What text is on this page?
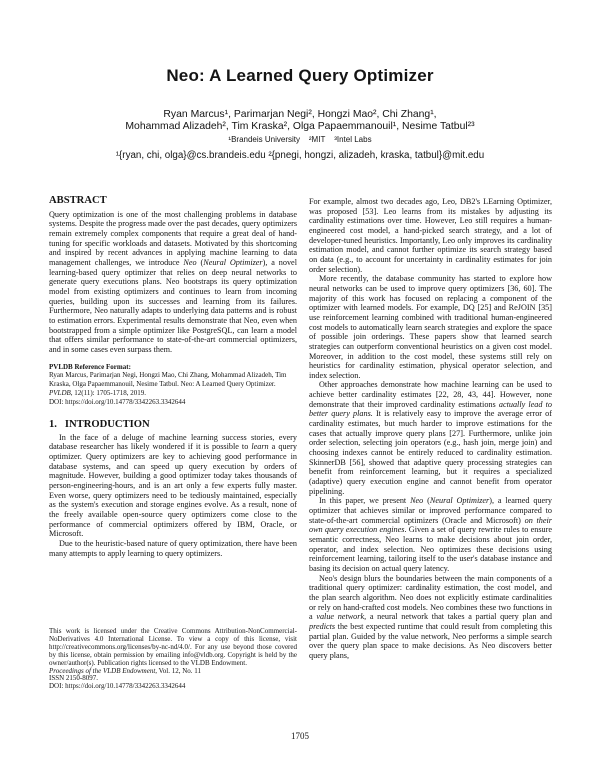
Neo: A Learned Query Optimizer
Ryan Marcus¹, Parimarjan Negi², Hongzi Mao², Chi Zhang¹,
Mohammad Alizadeh², Tim Kraska², Olga Papaemmanouil¹, Nesime Tatbul²³
¹Brandeis University    ²MIT    ³Intel Labs
¹{ryan, chi, olga}@cs.brandeis.edu ²{pnegi, hongzi, alizadeh, kraska, tatbul}@mit.edu
ABSTRACT

Query optimization is one of the most challenging problems in database systems. Despite the progress made over the past decades, query optimizers remain extremely complex components that require a great deal of hand-tuning for specific workloads and datasets. Motivated by this shortcoming and inspired by recent advances in applying machine learning to data management challenges, we introduce Neo (Neural Optimizer), a novel learning-based query optimizer that relies on deep neural networks to generate query executions plans. Neo bootstraps its query optimization model from existing optimizers and continues to learn from incoming queries, building upon its successes and learning from its failures. Furthermore, Neo naturally adapts to underlying data patterns and is robust to estimation errors. Experimental results demonstrate that Neo, even when bootstrapped from a simple optimizer like PostgreSQL, can learn a model that offers similar performance to state-of-the-art commercial optimizers, and in some cases even surpass them.

PVLDB Reference Format:
Ryan Marcus, Parimarjan Negi, Hongzi Mao, Chi Zhang, Mohammad Alizadeh, Tim Kraska, Olga Papaemmanouil, Nesime Tatbul. Neo: A Learned Query Optimizer. PVLDB, 12(11): 1705-1718, 2019.
DOI: https://doi.org/10.14778/3342263.3342644
1.   INTRODUCTION

In the face of a deluge of machine learning success stories, every database researcher has likely wondered if it is possible to learn a query optimizer. Query optimizers are key to achieving good performance in database systems, and can speed up query execution by orders of magnitude. However, building a good optimizer today takes thousands of person-engineering-hours, and is an art only a few experts fully master. Even worse, query optimizers need to be tediously maintained, especially as the system's execution and storage engines evolve. As a result, none of the freely available open-source query optimizers come close to the performance of commercial optimizers offered by IBM, Oracle, or Microsoft.

Due to the heuristic-based nature of query optimization, there have been many attempts to apply learning to query optimizers.

For example, almost two decades ago, Leo, DB2's LEarning Optimizer, was proposed [53]. Leo learns from its mistakes by adjusting its cardinality estimations over time. However, Leo still requires a human-engineered cost model, a hand-picked search strategy, and a lot of developer-tuned heuristics. Importantly, Leo only improves its cardinality estimation model, and cannot further optimize its search strategy based on data (e.g., to account for uncertainty in cardinality estimates for join order selection).

More recently, the database community has started to explore how neural networks can be used to improve query optimizers [36, 60]. The majority of this work has focused on replacing a component of the optimizer with learned models. For example, DQ [25] and ReJOIN [35] use reinforcement learning combined with traditional human-engineered cost models to automatically learn search strategies and explore the space of possible join orderings. These papers show that learned search strategies can outperform conventional heuristics on a given cost model. Moreover, in addition to the cost model, these systems still rely on heuristics for cardinality estimation, physical operator selection, and index selection.

Other approaches demonstrate how machine learning can be used to achieve better cardinality estimates [22, 28, 43, 44]. However, none demonstrate that their improved cardinality estimations actually lead to better query plans. It is relatively easy to improve the average error of cardinality estimates, but much harder to improve estimations for the cases that actually improve query plans [27]. Furthermore, unlike join order selection, selecting join operators (e.g., hash join, merge join) and choosing indexes cannot be entirely reduced to cardinality estimation. SkinnerDB [56], showed that adaptive query processing strategies can benefit from reinforcement learning, but it requires a specialized (adaptive) query execution engine and cannot benefit from operator pipelining.

In this paper, we present Neo (Neural Optimizer), a learned query optimizer that achieves similar or improved performance compared to state-of-the-art commercial optimizers (Oracle and Microsoft) on their own query execution engines. Given a set of query rewrite rules to ensure semantic correctness, Neo learns to make decisions about join order, operator, and index selection. Neo optimizes these decisions using reinforcement learning, tailoring itself to the user's database instance and basing its decision on actual query latency.

Neo's design blurs the boundaries between the main components of a traditional query optimizer: cardinality estimation, the cost model, and the plan search algorithm. Neo does not explicitly estimate cardinalities or rely on hand-crafted cost models. Neo combines these two functions in a value network, a neural network that takes a partial query plan and predicts the best expected runtime that could result from completing this partial plan. Guided by the value network, Neo performs a simple search over the query plan space to make decisions. As Neo discovers better query plans,

This work is licensed under the Creative Commons Attribution-NonCommercial-NoDerivatives 4.0 International License. To view a copy of this license, visit http://creativecommons.org/licenses/by-nc-nd/4.0/. For any use beyond those covered by this license, obtain permission by emailing info@vldb.org. Copyright is held by the owner/author(s). Publication rights licensed to the VLDB Endowment.
Proceedings of the VLDB Endowment, Vol. 12, No. 11
ISSN 2150-8097.
DOI: https://doi.org/10.14778/3342263.3342644
1705
